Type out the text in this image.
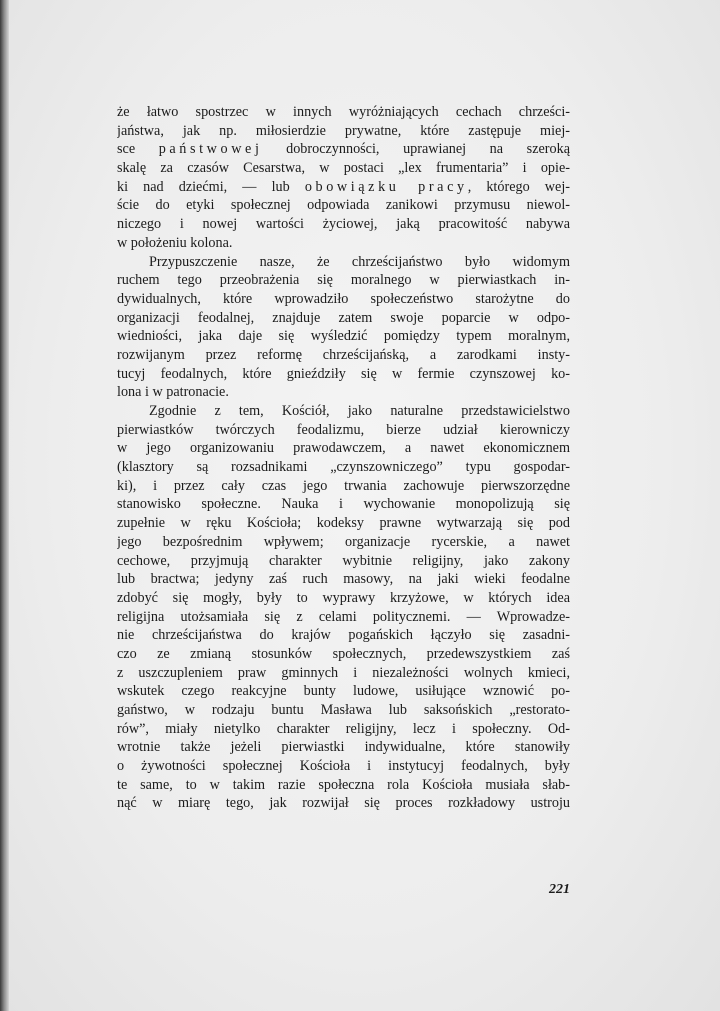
że łatwo spostrzec w innych wyróżniających cechach chrześci-
jaństwa, jak np. miłosierdzie prywatne, które zastępuje miej-
sce państwowej dobroczynności, uprawianej na szeroką
skalę za czasów Cesarstwa, w postaci „lex frumentaria” i opie-
ki nad dziećmi, — lub obowiązku pracy, którego wej-
ście do etyki społecznej odpowiada zanikowi przymusu niewol-
niczego i nowej wartości życiowej, jaką pracowitość nabywa
w położeniu kolona.
Przypuszczenie nasze, że chrześcijaństwo było widomym
ruchem tego przeobrażenia się moralnego w pierwiastkach in-
dywidualnych, które wprowadziło społeczeństwo starożytne do
organizacji feodalnej, znajduje zatem swoje poparcie w odpo-
wiedniości, jaka daje się wyśledzić pomiędzy typem moralnym,
rozwijanym przez reformę chrześcijańską, a zarodkami insty-
tucyj feodalnych, które gnieździły się w fermie czynszowej ko-
lona i w patronacie.
Zgodnie z tem, Kościół, jako naturalne przedstawicielstwo
pierwiastków twórczych feodalizmu, bierze udział kierowniczy
w jego organizowaniu prawodawczem, a nawet ekonomicznem
(klasztory są rozsadnikami „czynszowniczego” typu gospodar-
ki), i przez cały czas jego trwania zachowuje pierwszorzędne
stanowisko społeczne. Nauka i wychowanie monopolizują się
zupełnie w ręku Kościoła; kodeksy prawne wytwarzają się pod
jego bezpośrednim wpływem; organizacje rycerskie, a nawet
cechowe, przyjmują charakter wybitnie religijny, jako zakony
lub bractwa; jedyny zaś ruch masowy, na jaki wieki feodalne
zdobyć się mogły, były to wyprawy krzyżowe, w których idea
religijna utożsamiała się z celami politycznemi. — Wprowadze-
nie chrześcijaństwa do krajów pogańskich łączyło się zasadni-
czo ze zmianą stosunków społecznych, przedewszystkiem zaś
z uszczupleniem praw gminnych i niezależności wolnych kmieci,
wskutek czego reakcyjne bunty ludowe, usiłujące wznowić po-
gaństwo, w rodzaju buntu Masława lub saksońskich „restorato-
rów”, miały nietylko charakter religijny, lecz i społeczny. Od-
wrotnie także jeżeli pierwiastki indywidualne, które stanowiły
o żywotności społecznej Kościoła i instytucyj feodalnych, były
te same, to w takim razie społeczna rola Kościoła musiała słab-
nąć w miarę tego, jak rozwijał się proces rozkładowy ustroju
221
